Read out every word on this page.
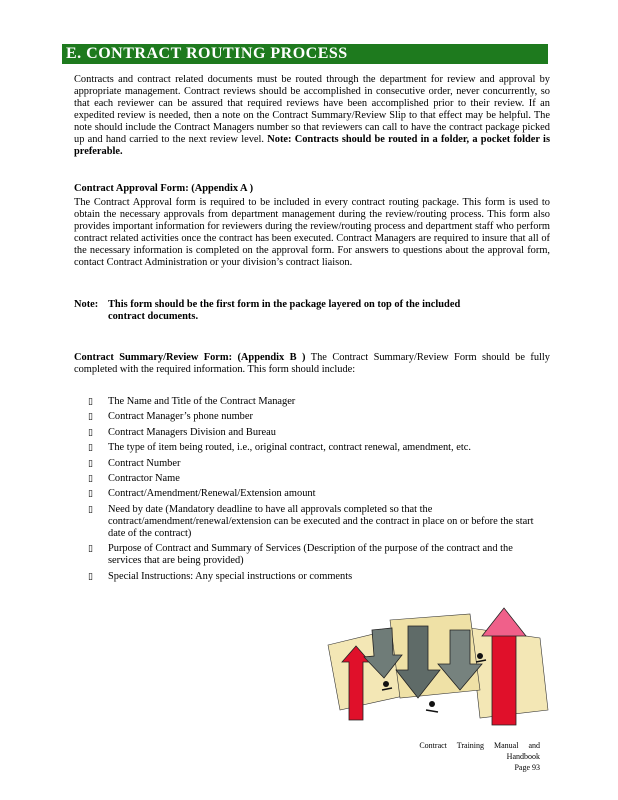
E. CONTRACT ROUTING PROCESS
Contracts and contract related documents must be routed through the department for review and approval by appropriate management. Contract reviews should be accomplished in consecutive order, never concurrently, so that each reviewer can be assured that required reviews have been accomplished prior to their review. If an expedited review is needed, then a note on the Contract Summary/Review Slip to that effect may be helpful. The note should include the Contract Managers number so that reviewers can call to have the contract package picked up and hand carried to the next review level. Note: Contracts should be routed in a folder, a pocket folder is preferable.
Contract Approval Form: (Appendix A )
The Contract Approval form is required to be included in every contract routing package. This form is used to obtain the necessary approvals from department management during the review/routing process. This form also provides important information for reviewers during the review/routing process and department staff who perform contract related activities once the contract has been executed. Contract Managers are required to insure that all of the necessary information is completed on the approval form. For answers to questions about the approval form, contact Contract Administration or your division’s contract liaison.
Note: This form should be the first form in the package layered on top of the included
contract documents.
Contract Summary/Review Form: (Appendix B ) The Contract Summary/Review Form should be fully completed with the required information. This form should include:
▯	The Name and Title of the Contract Manager
▯	Contract Manager’s phone number
▯	Contract Managers Division and Bureau
▯	The type of item being routed, i.e., original contract, contract renewal, amendment, etc.
▯	Contract Number
▯	Contractor Name
▯	Contract/Amendment/Renewal/Extension amount
▯	Need by date (Mandatory deadline to have all approvals completed so that the contract/amendment/renewal/extension can be executed and the contract in place on or before the start date of the contract)
▯	Purpose of Contract and Summary of Services (Description of the purpose of the contract and the services that are being provided)
▯	Special Instructions: Any special instructions or comments
Contract Training Manual and Handbook
Page 93
